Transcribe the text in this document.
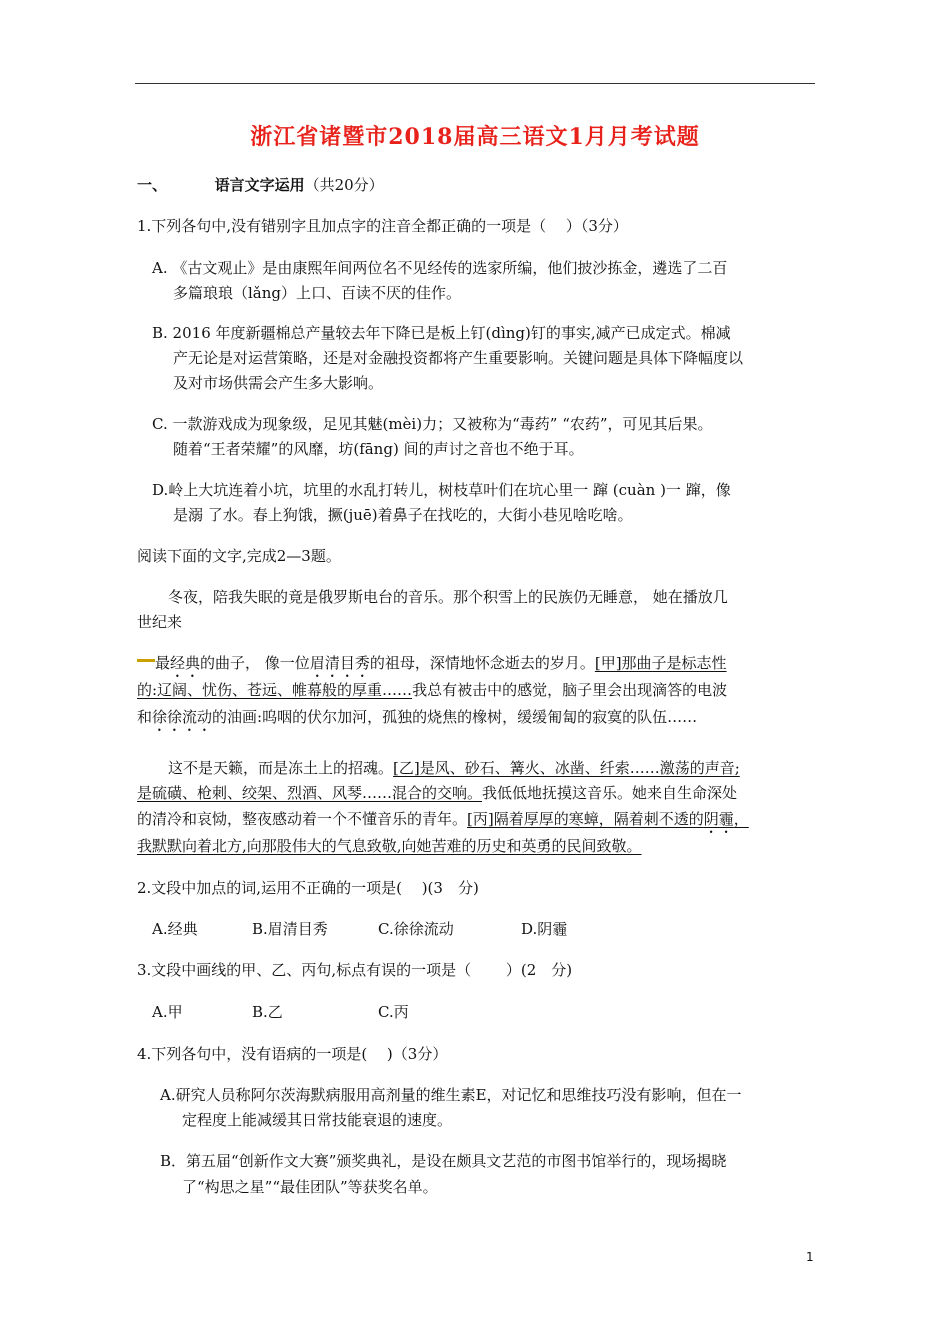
浙江省诸暨市2018届高三语文1月月考试题
一、	语言文字运用（共20分）
1.下列各句中,没有错别字且加点字的注音全都正确的一项是（　 ）（3分）
A. 《古文观止》是由康熙年间两位名不见经传的选家所编，他们披沙拣金，遴选了二百
多篇琅琅（lǎng）上口、百读不厌的佳作。
B. 2016 年度新疆棉总产量较去年下降已是板上钉(dìng)钉的事实,减产已成定式。棉减
产无论是对运营策略，还是对金融投资都将产生重要影响。关键问题是具体下降幅度以
及对市场供需会产生多大影响。
C. 一款游戏成为现象级，足见其魅(mèi)力；又被称为“毒药” “农药”，可见其后果。
随着“王者荣耀”的风靡，坊(fāng) 间的声讨之音也不绝于耳。
D.岭上大坑连着小坑，坑里的水乱打转儿，树枝草叶们在坑心里一 蹿 (cuàn )一 蹿，像
是溺 了水。春上狗饿，撅(juē)着鼻子在找吃的，大街小巷见啥吃啥。
阅读下面的文字,完成2—3题。
冬夜，陪我失眠的竟是俄罗斯电台的音乐。那个积雪上的民族仍无睡意， 她在播放几
世纪来
最经典的曲子， 像一位眉清目秀的祖母，深情地怀念逝去的岁月。[甲]那曲子是标志性
的:辽阔、忧伤、苍远、帷幕般的厚重……我总有被击中的感觉，脑子里会出现滴答的电波
和徐徐流动的油画:呜咽的伏尔加河，孤独的烧焦的橡树，缓缓匍匐的寂寞的队伍……
这不是天籁，而是冻土上的招魂。[乙]是风、砂石、篝火、冰凿、纤索……激荡的声音;
是硫磺、枪刺、绞架、烈酒、风琴……混合的交响。我低低地抚摸这音乐。她来自生命深处
的清冷和哀恸，整夜感动着一个不懂音乐的青年。[丙]隔着厚厚的寒蟑，隔着刺不透的阴霾，
我默默向着北方,向那股伟大的气息致敬,向她苦难的历史和英勇的民间致敬。
2.文段中加点的词,运用不正确的一项是(　 )(3　分)
A.经典	B.眉清目秀	C.徐徐流动	D.阴霾
3.文段中画线的甲、乙、丙句,标点有误的一项是（　　 ）(2　分)
A.甲	B.乙	C.丙
4.下列各句中，没有语病的一项是(　 )（3分）
A.研究人员称阿尔茨海默病服用高剂量的维生素E，对记忆和思维技巧没有影响，但在一
定程度上能减缓其日常技能衰退的速度。
B．第五届“创新作文大赛”颁奖典礼，是设在颇具文艺范的市图书馆举行的，现场揭晓
了“构思之星”“最佳团队”等获奖名单。
1
